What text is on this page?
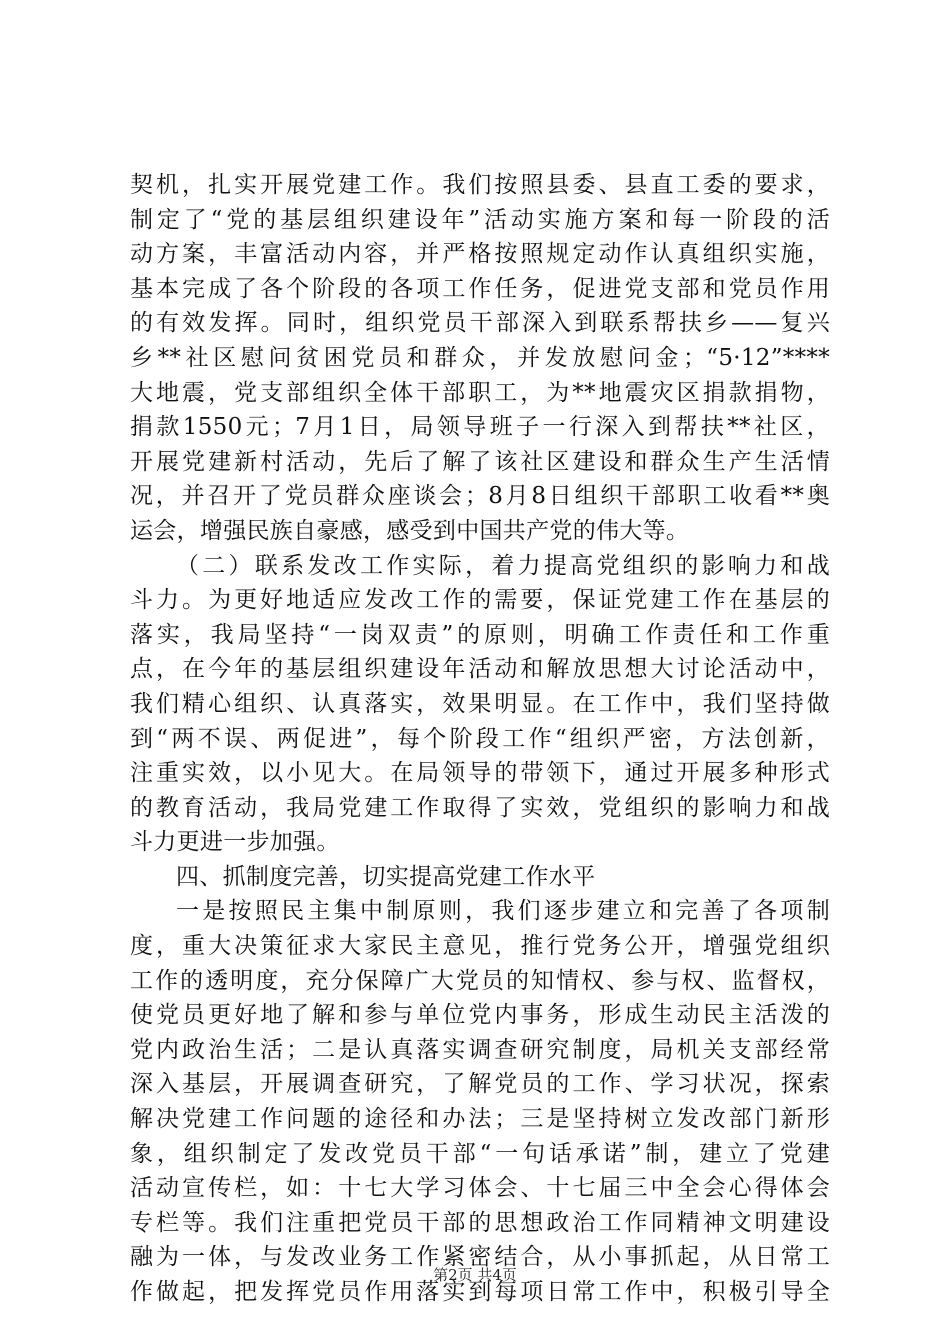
契机，扎实开展党建工作。我们按照县委、县直工委的要求，
制定了“党的基层组织建设年”活动实施方案和每一阶段的活
动方案，丰富活动内容，并严格按照规定动作认真组织实施，
基本完成了各个阶段的各项工作任务，促进党支部和党员作用
的有效发挥。同时，组织党员干部深入到联系帮扶乡——复兴
乡**社区慰问贫困党员和群众，并发放慰问金；“5·12”****
大地震，党支部组织全体干部职工，为**地震灾区捐款捐物，
捐款1550元；7月1日，局领导班子一行深入到帮扶**社区，
开展党建新村活动，先后了解了该社区建设和群众生产生活情
况，并召开了党员群众座谈会；8月8日组织干部职工收看**奥
运会，增强民族自豪感，感受到中国共产党的伟大等。
（二）联系发改工作实际，着力提高党组织的影响力和战
斗力。为更好地适应发改工作的需要，保证党建工作在基层的
落实，我局坚持“一岗双责”的原则，明确工作责任和工作重
点，在今年的基层组织建设年活动和解放思想大讨论活动中，
我们精心组织、认真落实，效果明显。在工作中，我们坚持做
到“两不误、两促进”，每个阶段工作“组织严密，方法创新，
注重实效，以小见大。在局领导的带领下，通过开展多种形式
的教育活动，我局党建工作取得了实效，党组织的影响力和战
斗力更进一步加强。
四、抓制度完善，切实提高党建工作水平
一是按照民主集中制原则，我们逐步建立和完善了各项制
度，重大决策征求大家民主意见，推行党务公开，增强党组织
工作的透明度，充分保障广大党员的知情权、参与权、监督权，
使党员更好地了解和参与单位党内事务，形成生动民主活泼的
党内政治生活；二是认真落实调查研究制度，局机关支部经常
深入基层，开展调查研究，了解党员的工作、学习状况，探索
解决党建工作问题的途径和办法；三是坚持树立发改部门新形
象，组织制定了发改党员干部“一句话承诺”制，建立了党建
活动宣传栏，如：十七大学习体会、十七届三中全会心得体会
专栏等。我们注重把党员干部的思想政治工作同精神文明建设
融为一体，与发改业务工作紧密结合，从小事抓起，从日常工
作做起，把发挥党员作用落实到每项日常工作中，积极引导全
第2页 共4页
